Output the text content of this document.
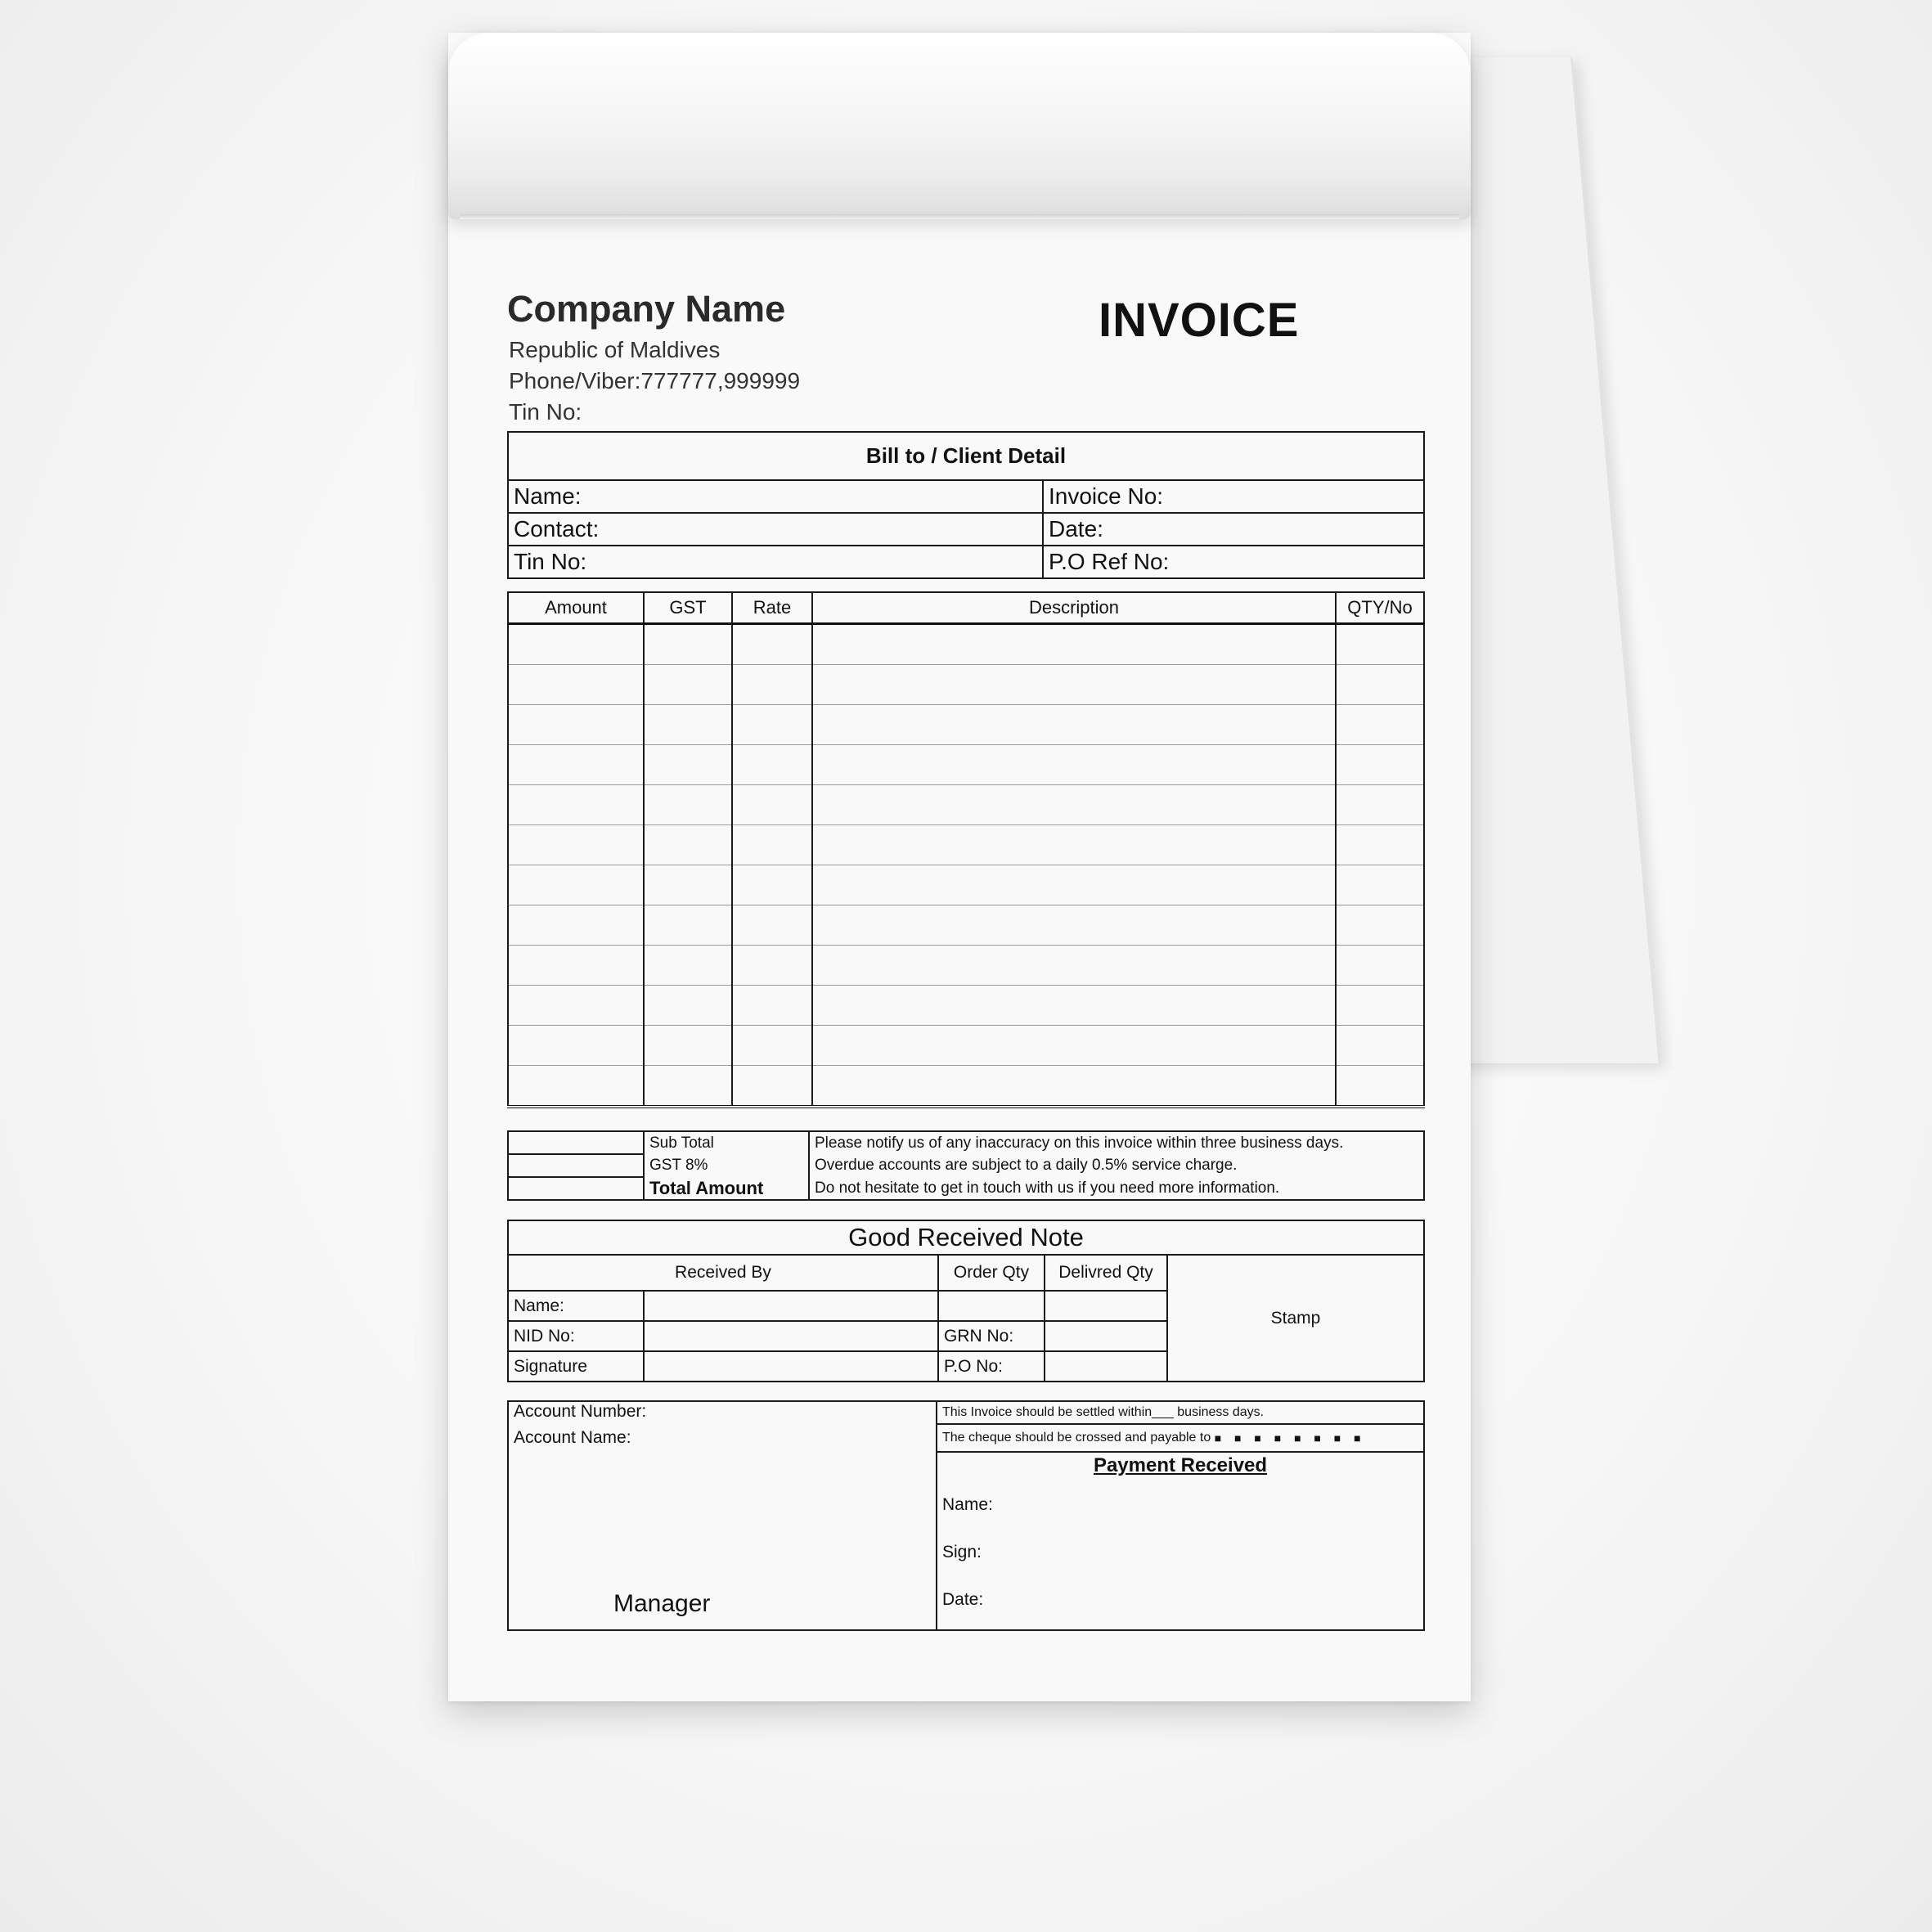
Company Name	INVOICE
Republic of Maldives
Phone/Viber:777777,999999
Tin No:
Bill to / Client Detail	
Name:	Invoice No:
Contact:	Date:
Tin No:	P.O Ref No:
Amount	GST	Rate	Description	QTY/No

	Sub Total	Please notify us of any inaccuracy on this invoice within three business days.
	GST 8%	Overdue accounts are subject to a daily 0.5% service charge.
	Total Amount	Do not hesitate to get in touch with us if you need more information.
Good Received Note				
Received By		Order Qty	Delivred Qty	Stamp
Name:				
NID No:		GRN No:		
Signature		P.O No:		
Account Number:
Account Name:
Manager
	This Invoice should be settled within___ business days.
The cheque should be crossed and payable to ■ ■ ■ ■ ■ ■ ■ ■

Payment Received
Name:
Sign:
Date:
